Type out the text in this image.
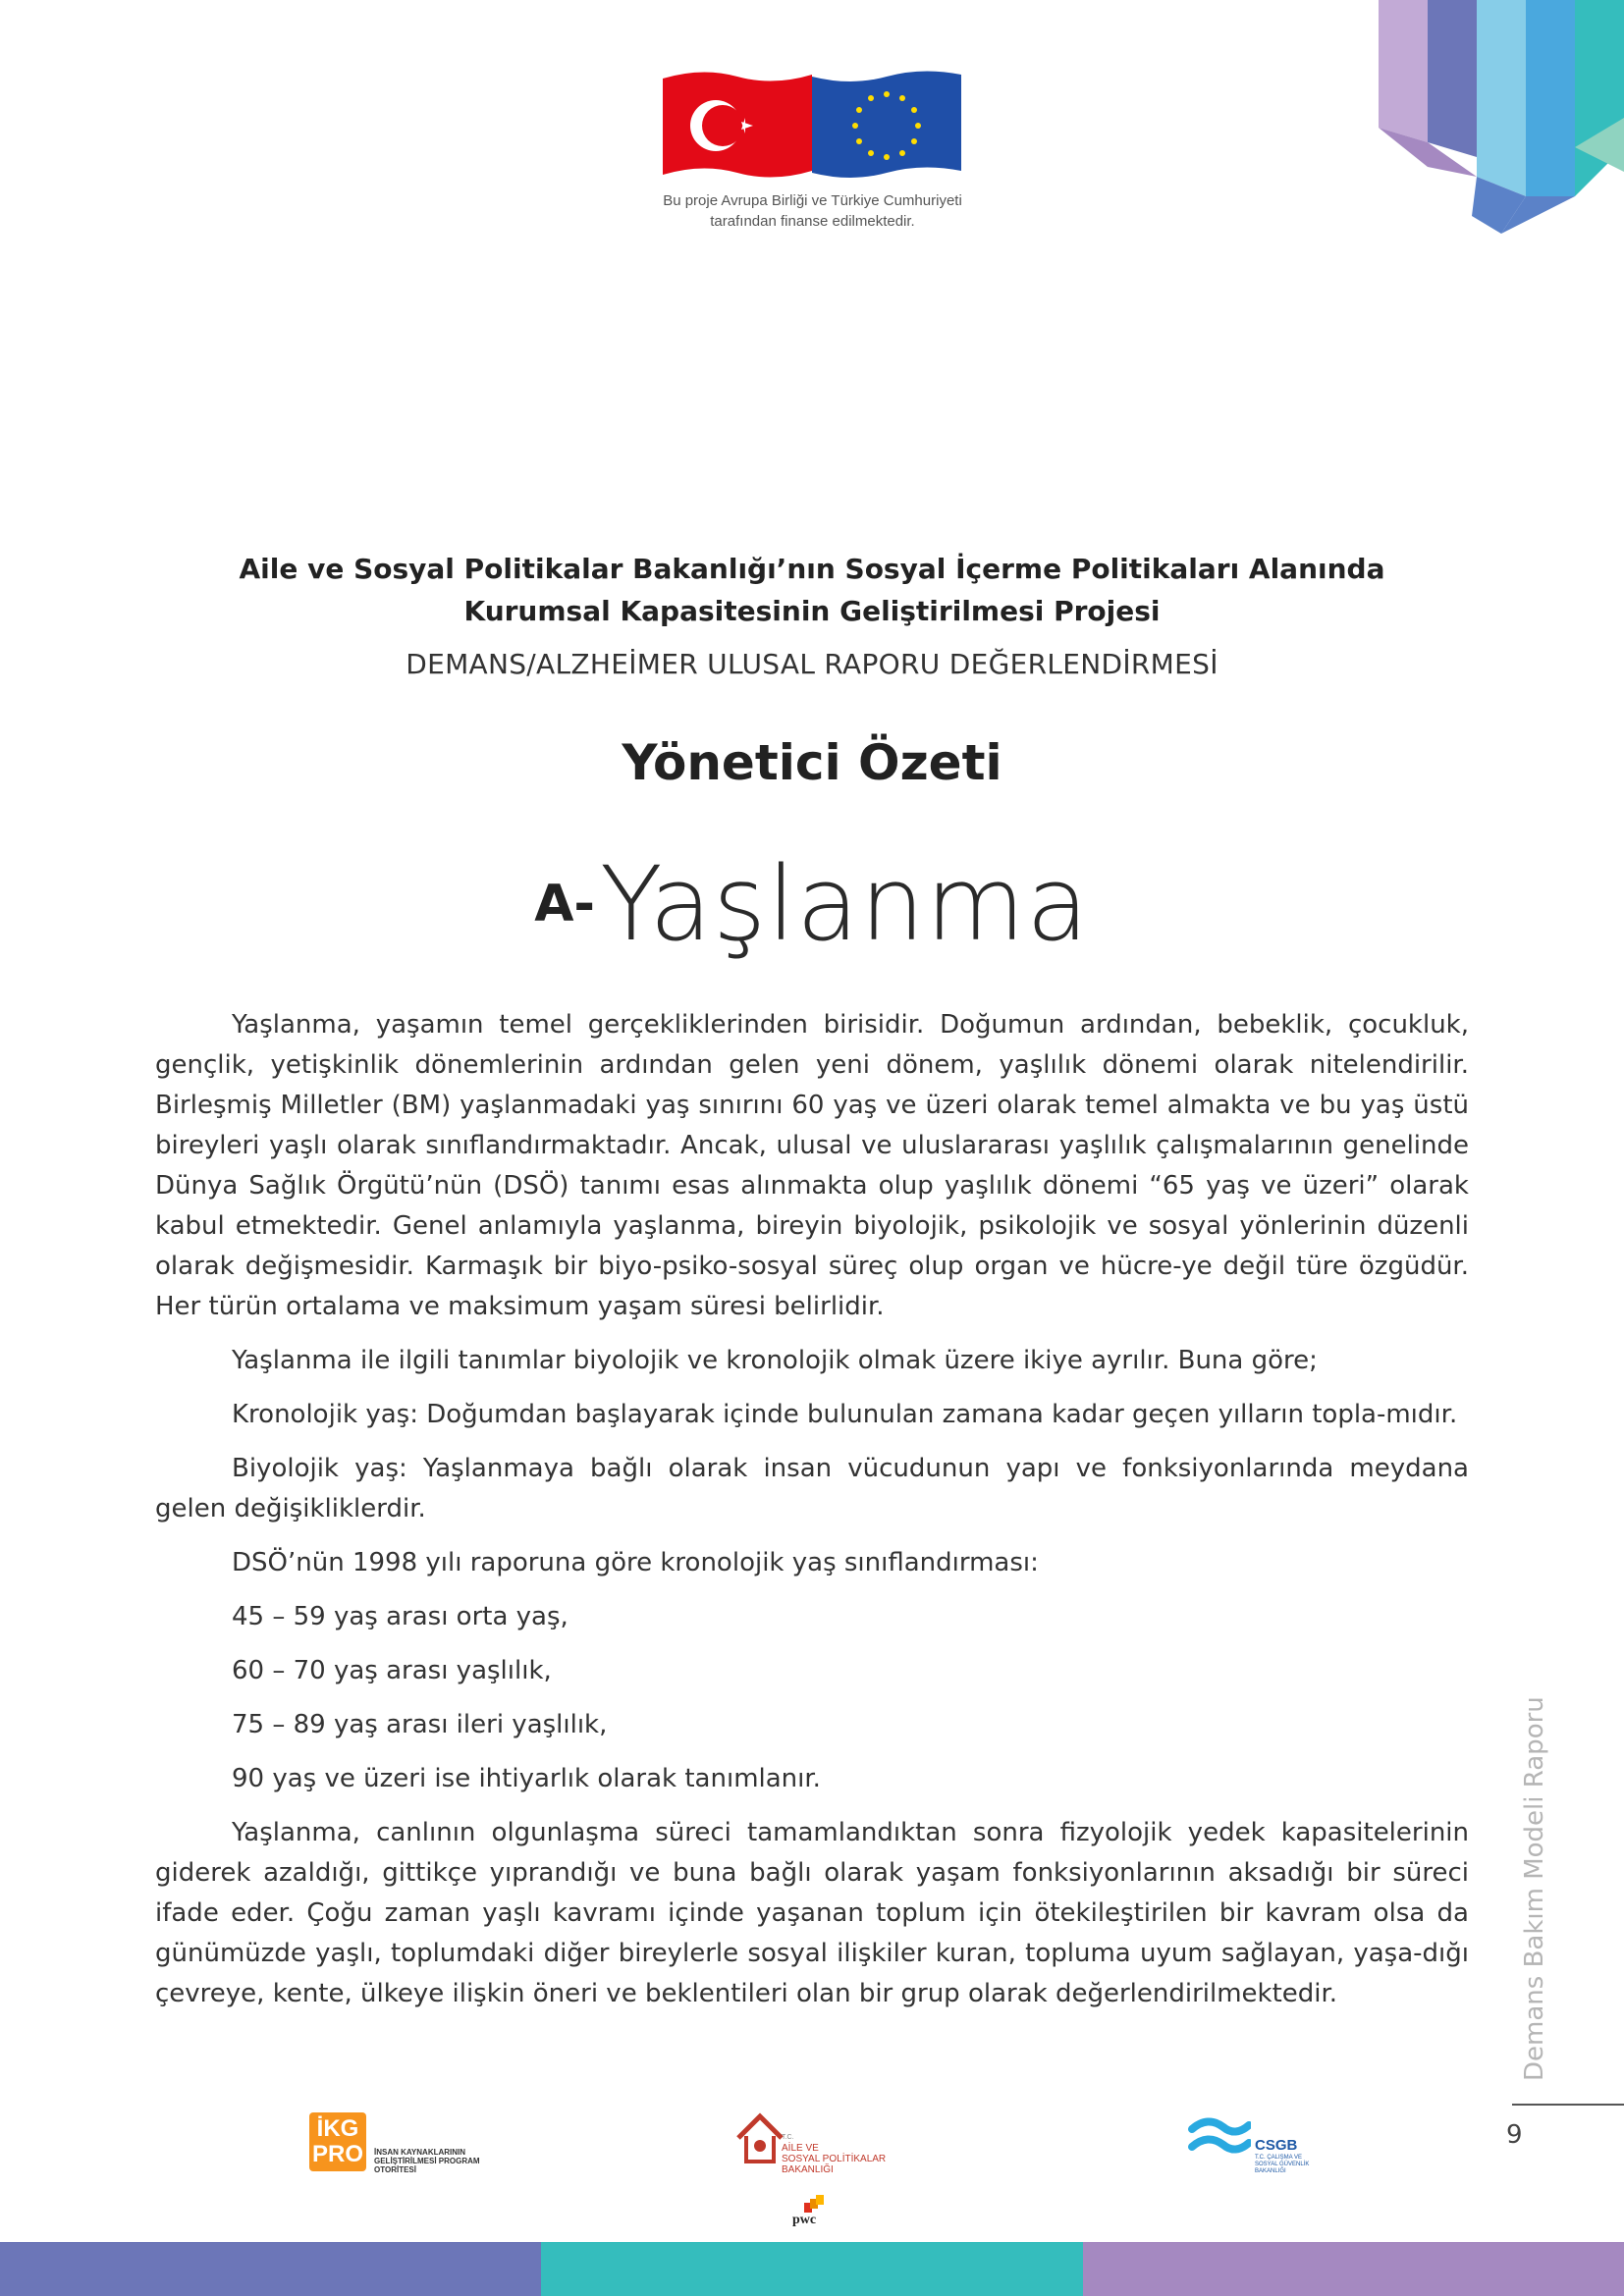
Bu proje Avrupa Birliği ve Türkiye Cumhuriyeti
tarafından finanse edilmektedir.
Aile ve Sosyal Politikalar Bakanlığı’nın Sosyal İçerme Politikaları Alanında
Kurumsal Kapasitesinin Geliştirilmesi Projesi
DEMANS/ALZHEİMER ULUSAL RAPORU DEĞERLENDİRMESİ
Yönetici Özeti
A- Yaşlanma

Yaşlanma, yaşamın temel gerçekliklerinden birisidir. Doğumun ardından, bebeklik, çocukluk, gençlik, yetişkinlik dönemlerinin ardından gelen yeni dönem, yaşlılık dönemi olarak nitelendirilir. Birleşmiş Milletler (BM) yaşlanmadaki yaş sınırını 60 yaş ve üzeri olarak temel almakta ve bu yaş üstü bireyleri yaşlı olarak sınıflandırmaktadır. Ancak, ulusal ve uluslararası yaşlılık çalışmalarının genelinde Dünya Sağlık Örgütü’nün (DSÖ) tanımı esas alınmakta olup yaşlılık dönemi “65 yaş ve üzeri” olarak kabul etmektedir. Genel anlamıyla yaşlanma, bireyin biyolojik, psikolojik ve sosyal yönlerinin düzenli olarak değişmesidir. Karmaşık bir biyo-psiko-sosyal süreç olup organ ve hücre-ye değil türe özgüdür. Her türün ortalama ve maksimum yaşam süresi belirlidir.

Yaşlanma ile ilgili tanımlar biyolojik ve kronolojik olmak üzere ikiye ayrılır. Buna göre;

Kronolojik yaş: Doğumdan başlayarak içinde bulunulan zamana kadar geçen yılların topla-mıdır.

Biyolojik yaş: Yaşlanmaya bağlı olarak insan vücudunun yapı ve fonksiyonlarında meydana gelen değişikliklerdir.

DSÖ’nün 1998 yılı raporuna göre kronolojik yaş sınıflandırması:

45 – 59 yaş arası orta yaş,
60 – 70 yaş arası yaşlılık,
75 – 89 yaş arası ileri yaşlılık,
90 yaş ve üzeri ise ihtiyarlık olarak tanımlanır.

Yaşlanma, canlının olgunlaşma süreci tamamlandıktan sonra fizyolojik yedek kapasitelerinin giderek azaldığı, gittikçe yıprandığı ve buna bağlı olarak yaşam fonksiyonlarının aksadığı bir süreci ifade eder. Çoğu zaman yaşlı kavramı içinde yaşanan toplum için ötekileştirilen bir kavram olsa da günümüzde yaşlı, toplumdaki diğer bireylerle sosyal ilişkiler kuran, topluma uyum sağlayan, yaşa-dığı çevreye, kente, ülkeye ilişkin öneri ve beklentileri olan bir grup olarak değerlendirilmektedir.	Demans Bakım Modeli Raporu
9
İKG
PRO	İNSAN KAYNAKLARININ GELİŞTİRİLMESİ PROGRAM OTORİTESİ
T.C.
AİLE VE
SOSYAL POLİTİKALAR
BAKANLIĞI
pwc
CSGB
T.C. ÇALIŞMA VE SOSYAL GÜVENLİK BAKANLIĞI
